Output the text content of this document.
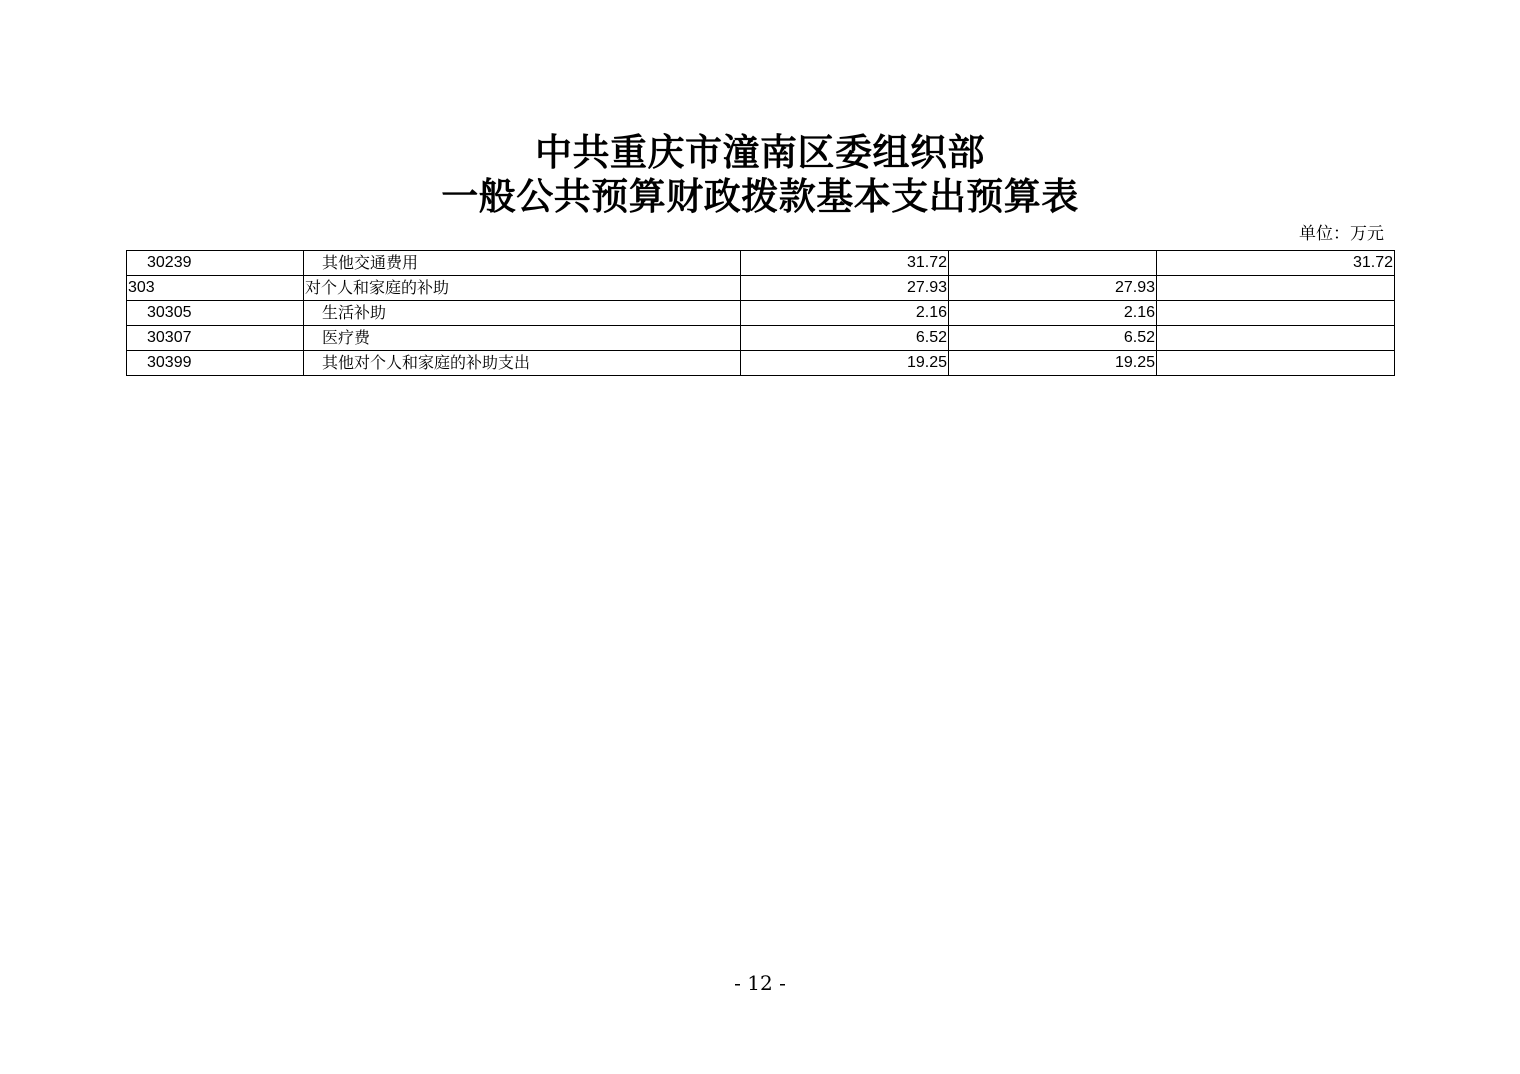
中共重庆市潼南区委组织部
一般公共预算财政拨款基本支出预算表
单位：万元
30239	其他交通费用	31.72		31.72
303	对个人和家庭的补助	27.93	27.93	
30305	生活补助	2.16	2.16	
30307	医疗费	6.52	6.52	
30399	其他对个人和家庭的补助支出	19.25	19.25	
- 12 -
